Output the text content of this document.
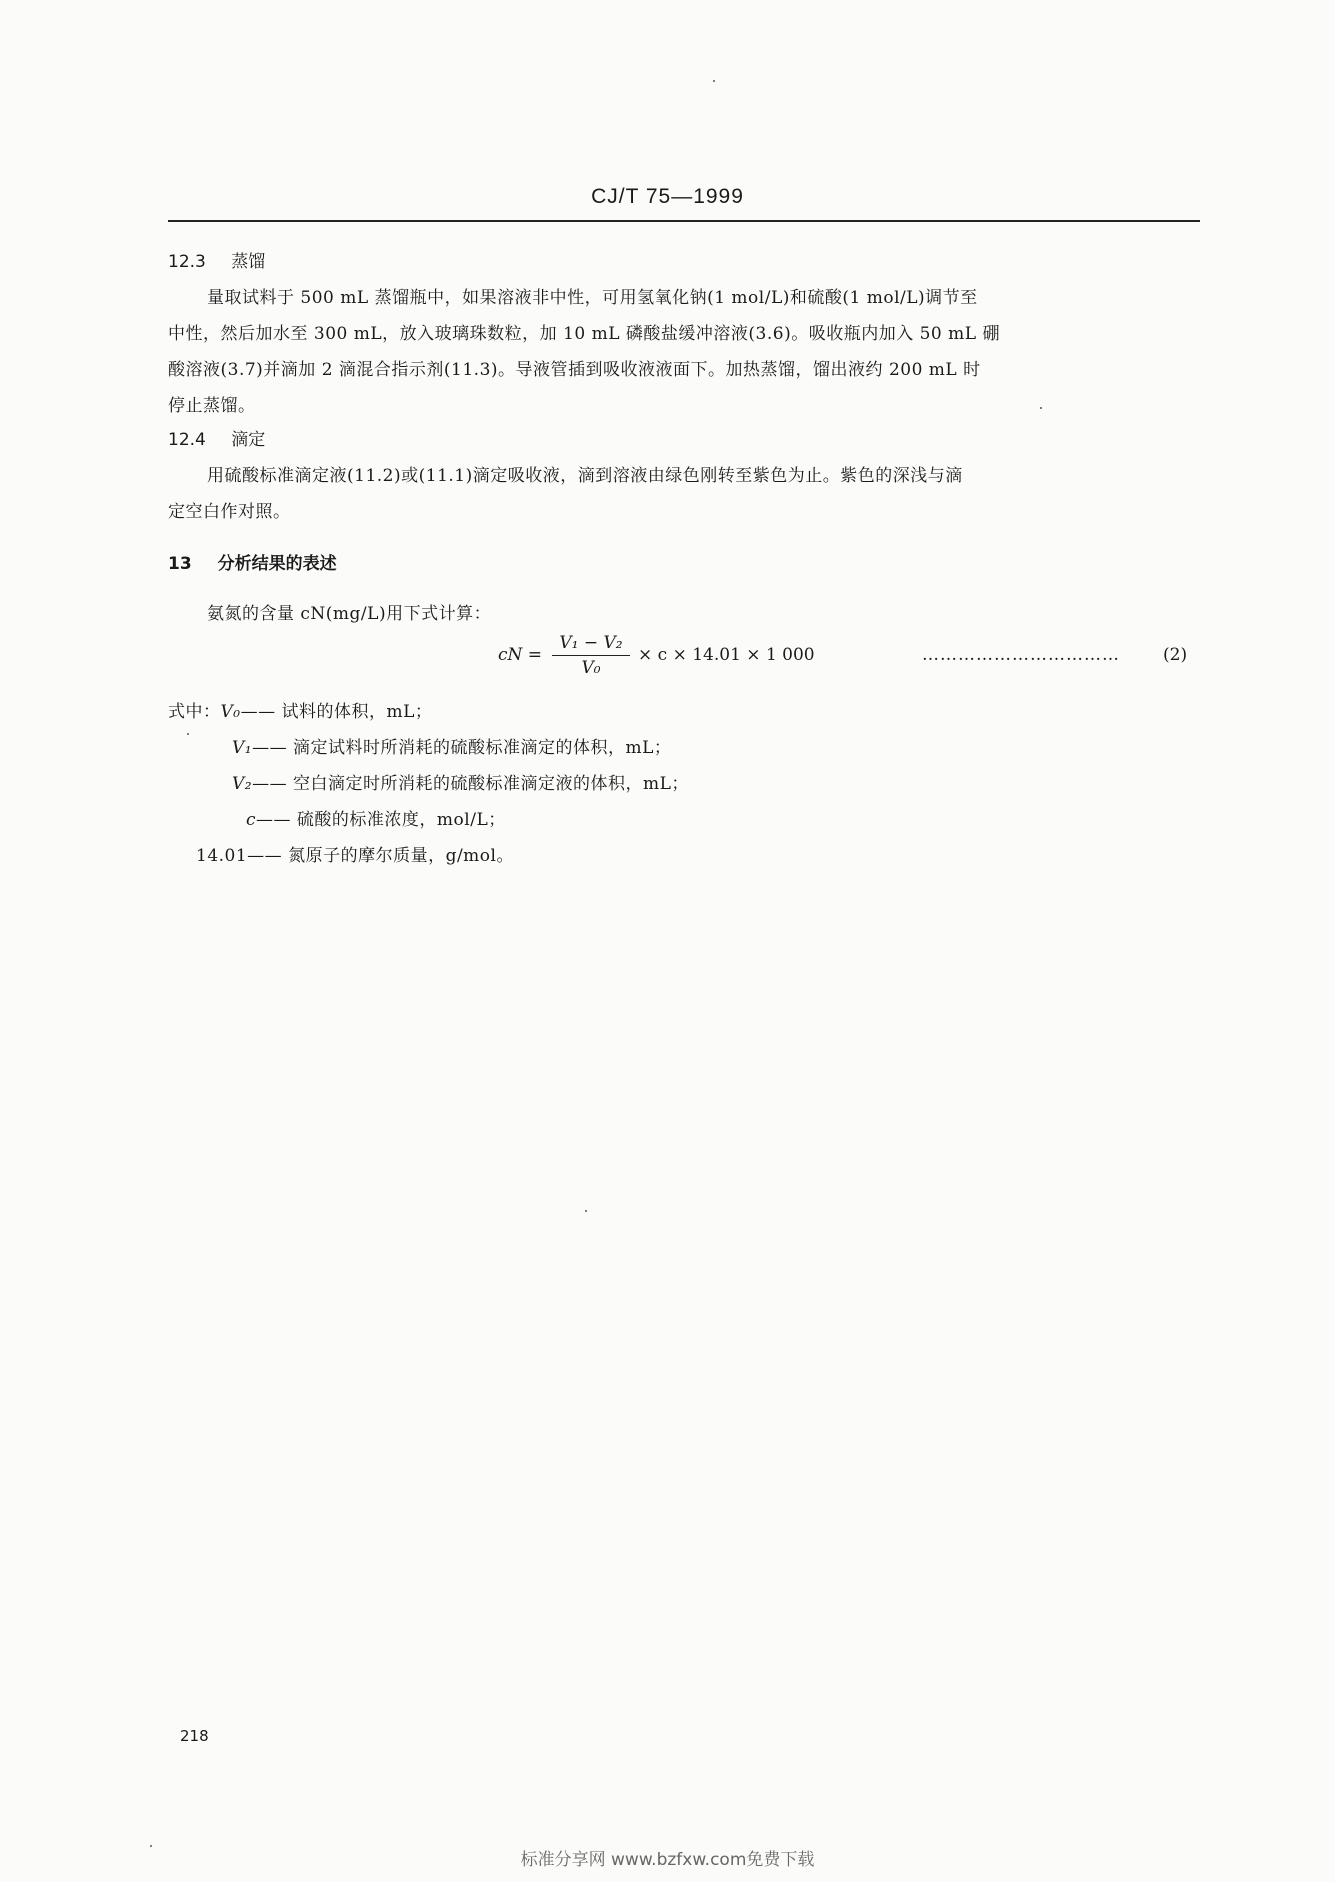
CJ/T 75—1999
12.3 蒸馏
量取试料于 500 mL 蒸馏瓶中，如果溶液非中性，可用氢氧化钠(1 mol/L)和硫酸(1 mol/L)调节至
中性，然后加水至 300 mL，放入玻璃珠数粒，加 10 mL 磷酸盐缓冲溶液(3.6)。吸收瓶内加入 50 mL 硼
酸溶液(3.7)并滴加 2 滴混合指示剂(11.3)。导液管插到吸收液液面下。加热蒸馏，馏出液约 200 mL 时
停止蒸馏。
12.4 滴定
用硫酸标准滴定液(11.2)或(11.1)滴定吸收液，滴到溶液由绿色刚转至紫色为止。紫色的深浅与滴
定空白作对照。
13 分析结果的表述
氨氮的含量 cN(mg/L)用下式计算：
cN =
V₁ − V₂
V₀
× c × 14.01 × 1 000	……………………………	(2)
式中：V₀—— 试料的体积，mL；
V₁—— 滴定试料时所消耗的硫酸标准滴定的体积，mL；
V₂—— 空白滴定时所消耗的硫酸标准滴定液的体积，mL；
c—— 硫酸的标准浓度，mol/L；
14.01—— 氮原子的摩尔质量，g/mol。
218
标准分享网 www.bzfxw.com免费下载
